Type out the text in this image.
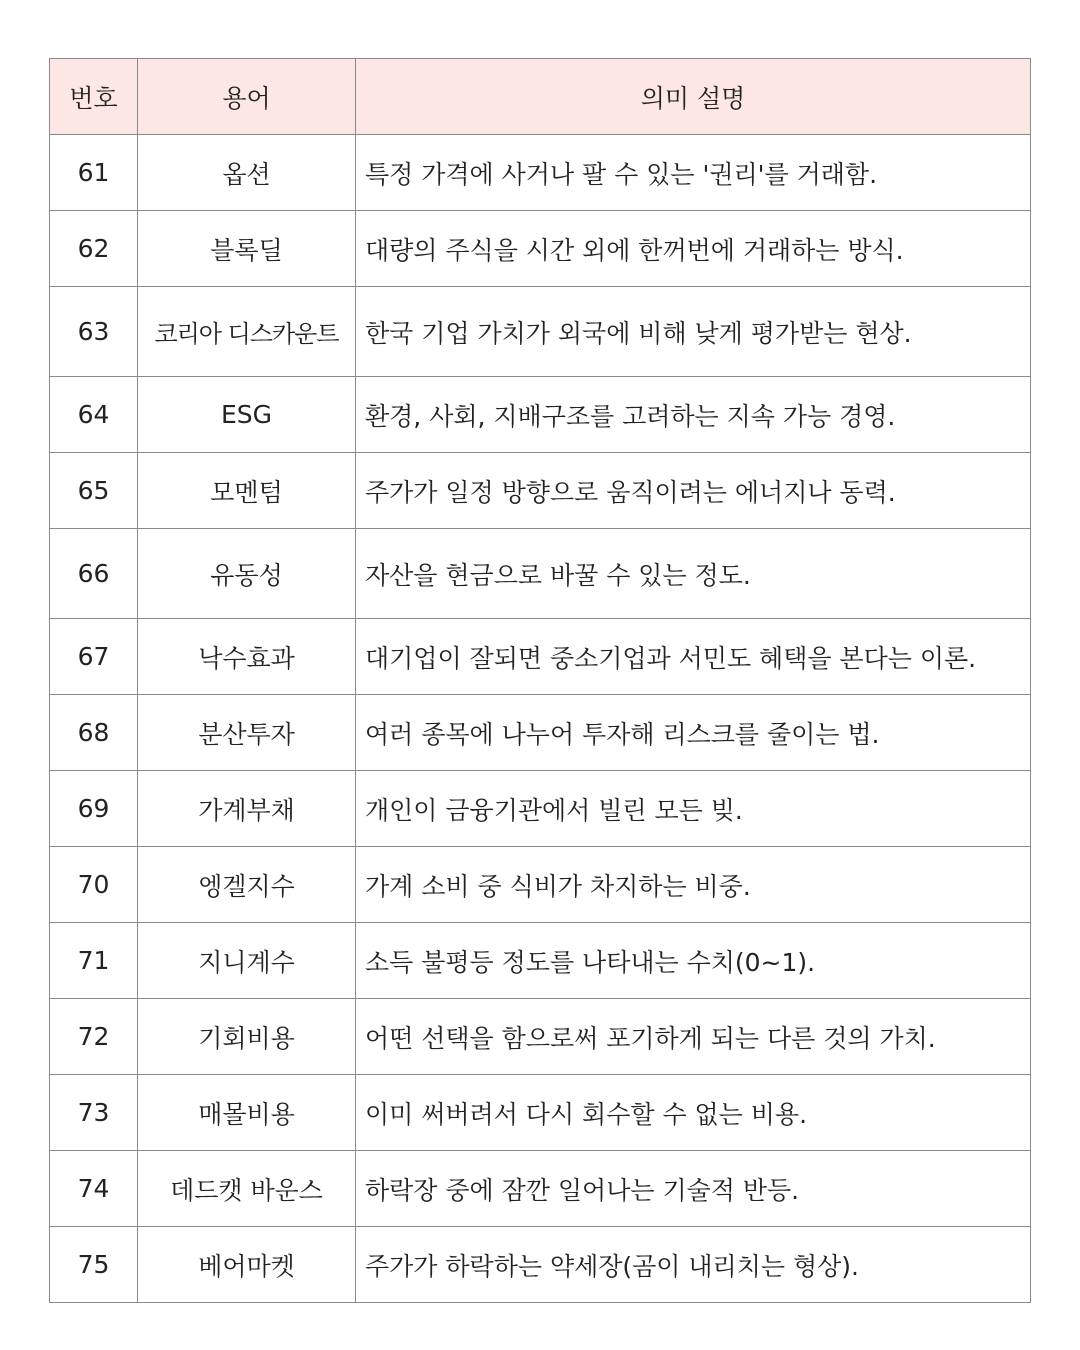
번호	용어	의미 설명
61	옵션	특정 가격에 사거나 팔 수 있는 '권리'를 거래함.
62	블록딜	대량의 주식을 시간 외에 한꺼번에 거래하는 방식.
63	코리아 디스카운트	한국 기업 가치가 외국에 비해 낮게 평가받는 현상.
64	ESG	환경, 사회, 지배구조를 고려하는 지속 가능 경영.
65	모멘텀	주가가 일정 방향으로 움직이려는 에너지나 동력.
66	유동성	자산을 현금으로 바꿀 수 있는 정도.
67	낙수효과	대기업이 잘되면 중소기업과 서민도 혜택을 본다는 이론.
68	분산투자	여러 종목에 나누어 투자해 리스크를 줄이는 법.
69	가계부채	개인이 금융기관에서 빌린 모든 빚.
70	엥겔지수	가계 소비 중 식비가 차지하는 비중.
71	지니계수	소득 불평등 정도를 나타내는 수치(0~1).
72	기회비용	어떤 선택을 함으로써 포기하게 되는 다른 것의 가치.
73	매몰비용	이미 써버려서 다시 회수할 수 없는 비용.
74	데드캣 바운스	하락장 중에 잠깐 일어나는 기술적 반등.
75	베어마켓	주가가 하락하는 약세장(곰이 내리치는 형상).
